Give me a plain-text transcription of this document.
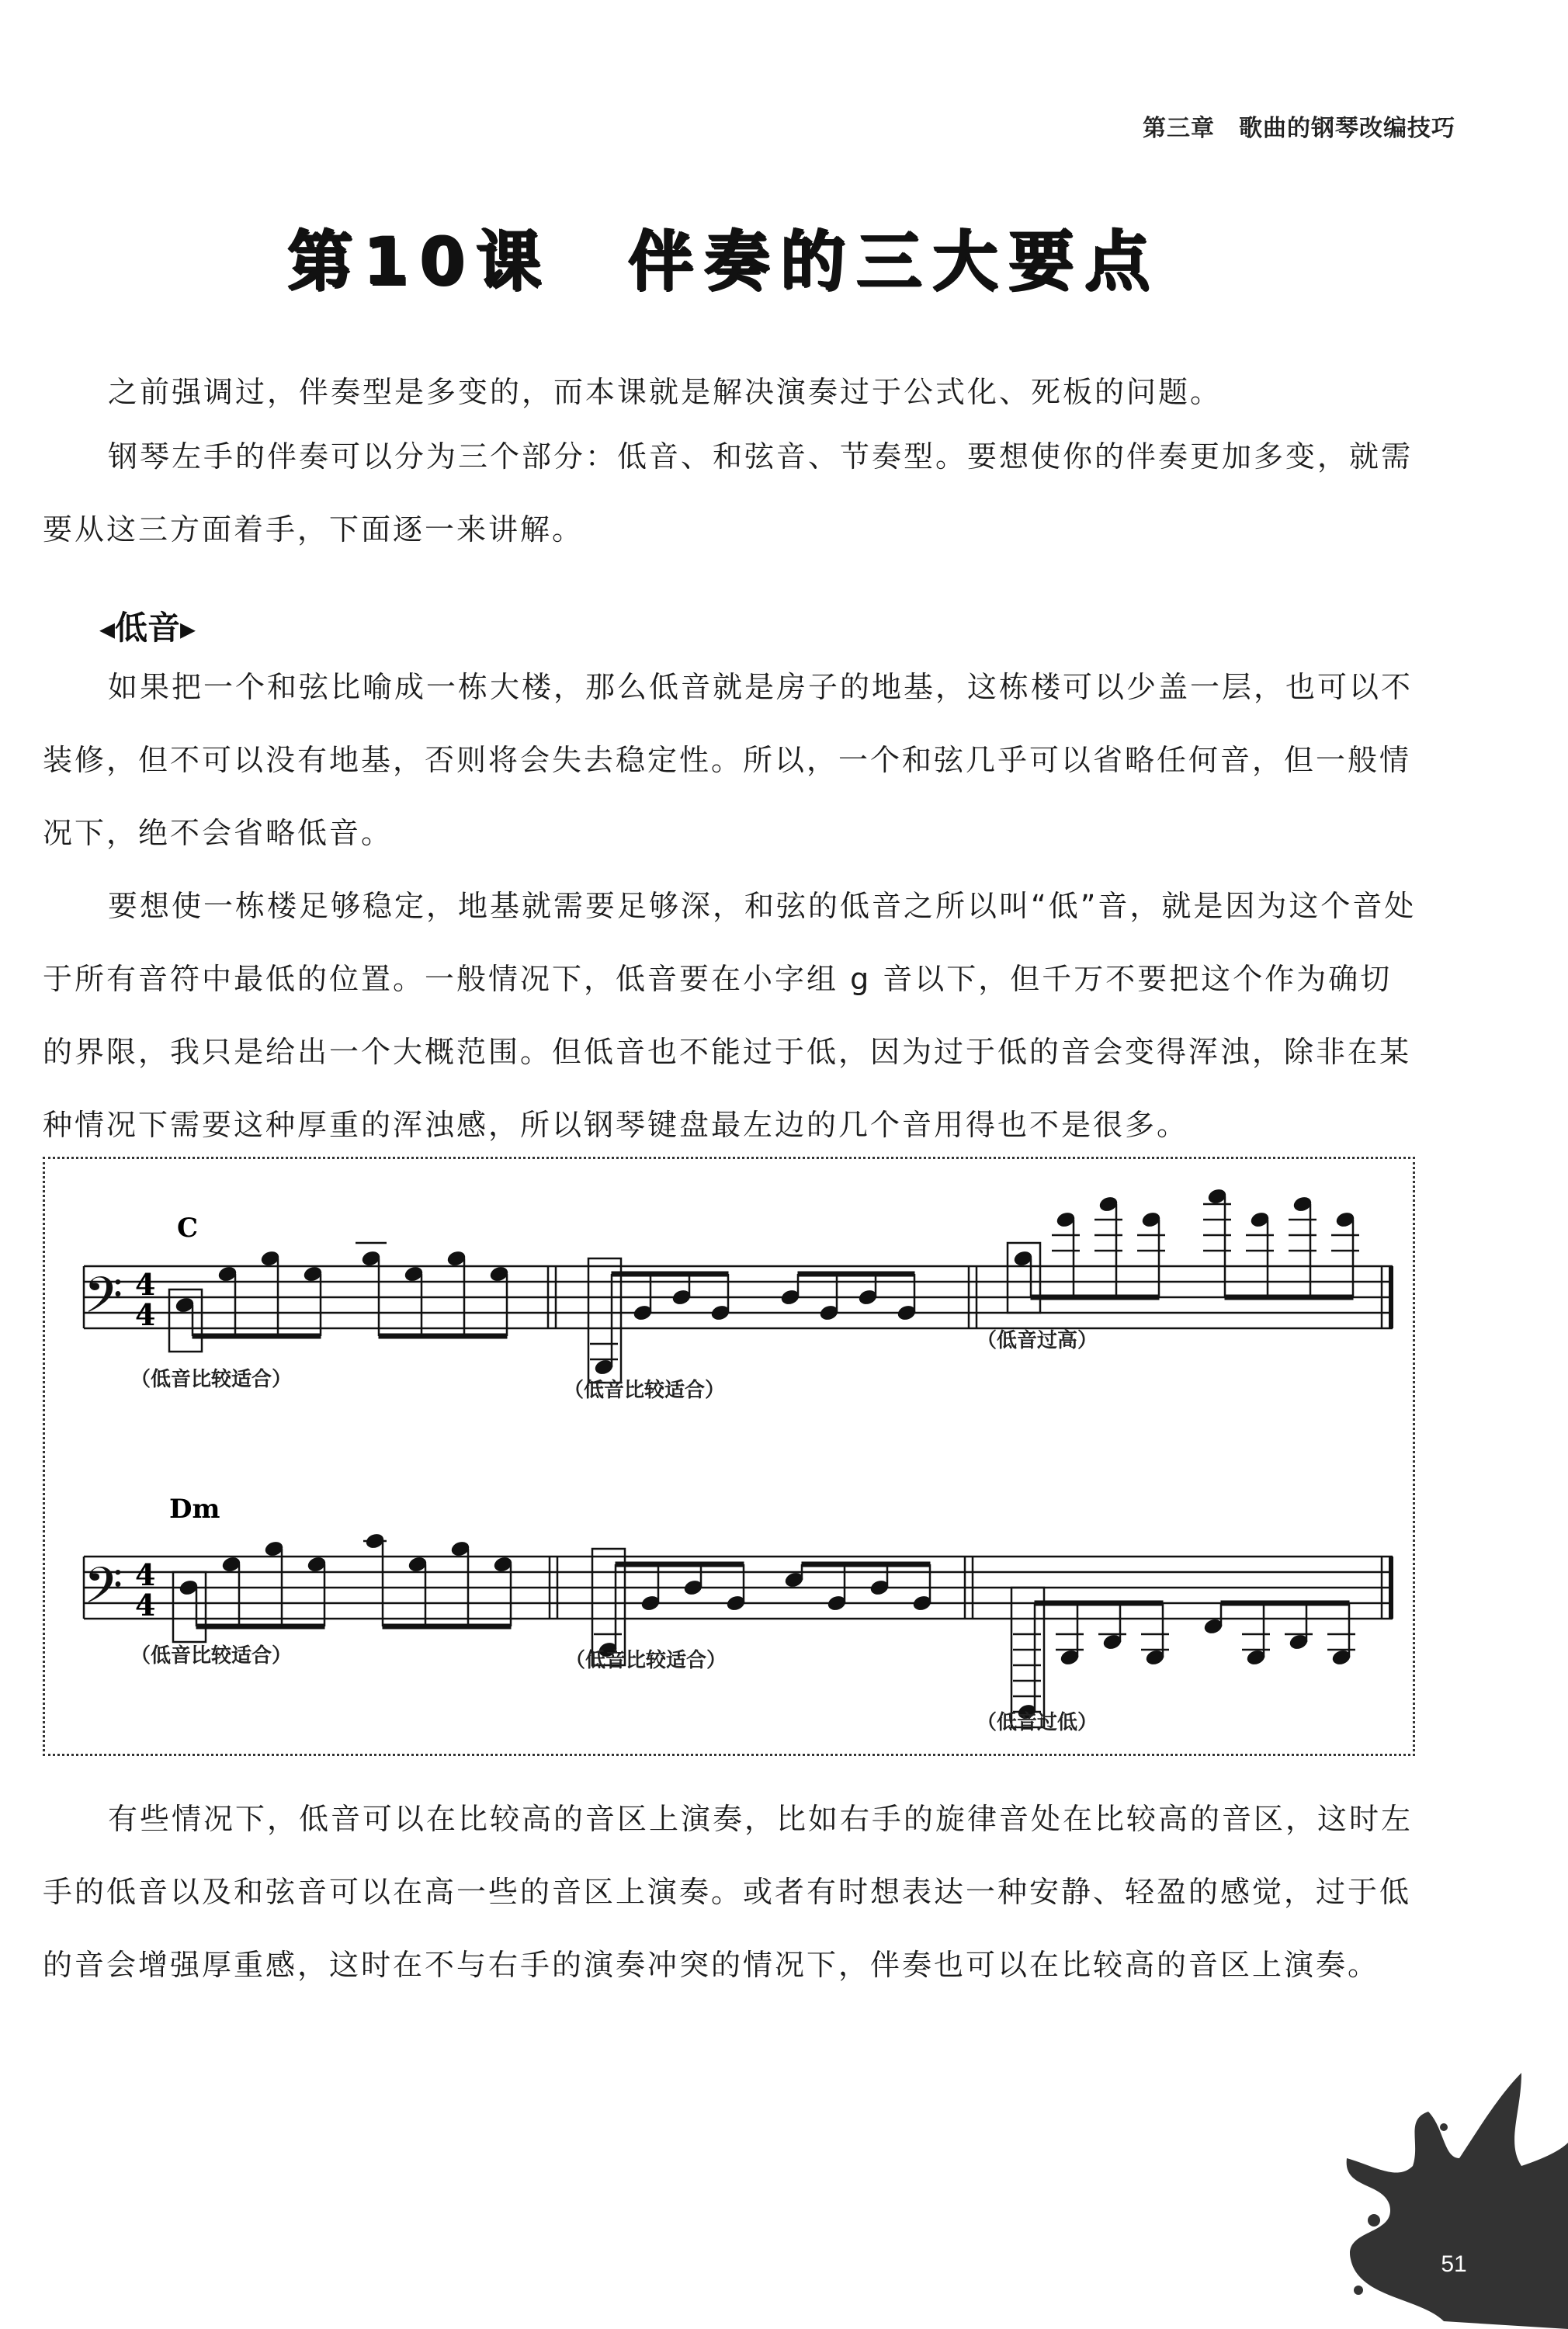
第三章　歌曲的钢琴改编技巧
第10课　伴奏的三大要点
之前强调过，伴奏型是多变的，而本课就是解决演奏过于公式化、死板的问题。
钢琴左手的伴奏可以分为三个部分：低音、和弦音、节奏型。要想使你的伴奏更加多变，就需要从这三方面着手，下面逐一来讲解。
◀低音▶
如果把一个和弦比喻成一栋大楼，那么低音就是房子的地基，这栋楼可以少盖一层，也可以不装修，但不可以没有地基，否则将会失去稳定性。所以，一个和弦几乎可以省略任何音，但一般情况下，绝不会省略低音。
要想使一栋楼足够稳定，地基就需要足够深，和弦的低音之所以叫“低”音，就是因为这个音处于所有音符中最低的位置。一般情况下，低音要在小字组 g 音以下，但千万不要把这个作为确切的界限，我只是给出一个大概范围。但低音也不能过于低，因为过于低的音会变得浑浊，除非在某种情况下需要这种厚重的浑浊感，所以钢琴键盘最左边的几个音用得也不是很多。
𝄢
𝄢
4
4
4
4
C
Dm
（低音比较适合）	（低音比较适合）
（低音过高）
（低音比较适合）	（低音比较适合）
（低音过低）
有些情况下，低音可以在比较高的音区上演奏，比如右手的旋律音处在比较高的音区，这时左手的低音以及和弦音可以在高一些的音区上演奏。或者有时想表达一种安静、轻盈的感觉，过于低的音会增强厚重感，这时在不与右手的演奏冲突的情况下，伴奏也可以在比较高的音区上演奏。
51
